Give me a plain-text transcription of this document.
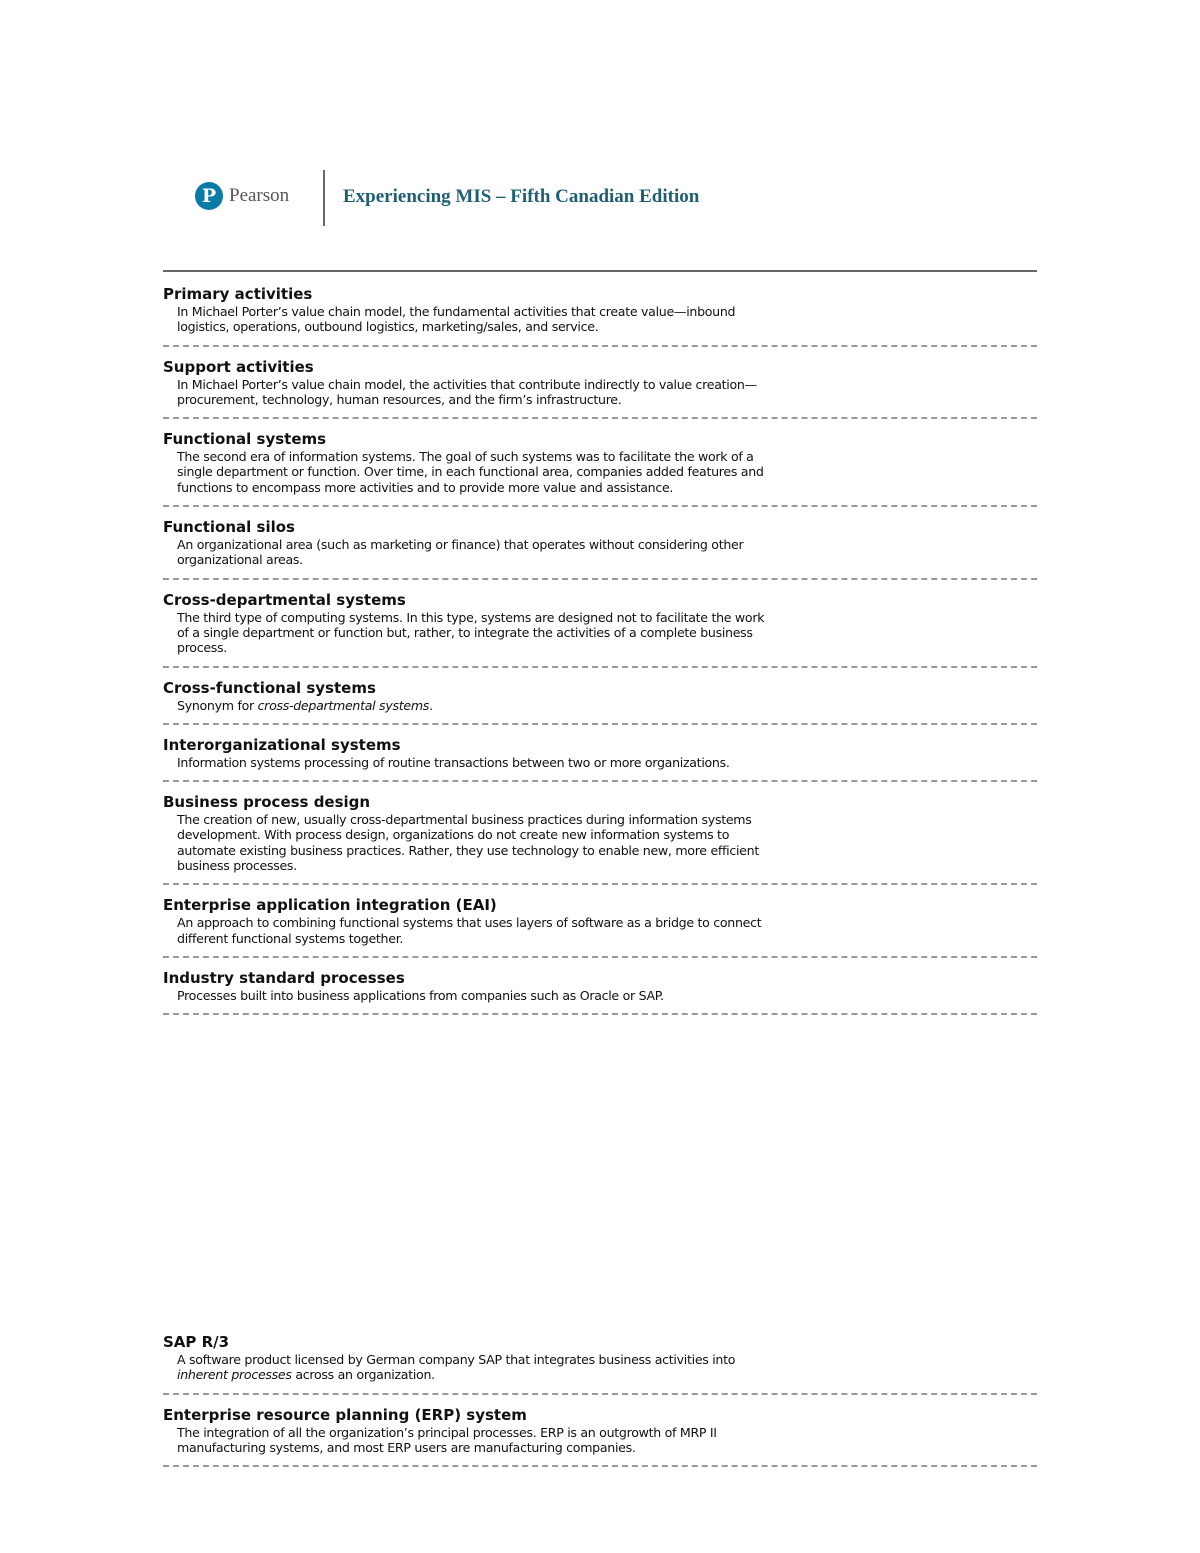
P Pearson	Experiencing MIS – Fifth Canadian Edition
Primary activities
In Michael Porter’s value chain model, the fundamental activities that create value—inbound logistics, operations, outbound logistics, marketing/sales, and service.
Support activities
In Michael Porter’s value chain model, the activities that contribute indirectly to value creation—procurement, technology, human resources, and the firm’s infrastructure.
Functional systems
The second era of information systems. The goal of such systems was to facilitate the work of a single department or function. Over time, in each functional area, companies added features and functions to encompass more activities and to provide more value and assistance.
Functional silos
An organizational area (such as marketing or finance) that operates without considering other organizational areas.
Cross-departmental systems
The third type of computing systems. In this type, systems are designed not to facilitate the work of a single department or function but, rather, to integrate the activities of a complete business process.
Cross-functional systems
Synonym for cross-departmental systems.
Interorganizational systems
Information systems processing of routine transactions between two or more organizations.
Business process design
The creation of new, usually cross-departmental business practices during information systems development. With process design, organizations do not create new information systems to automate existing business practices. Rather, they use technology to enable new, more efficient business processes.
Enterprise application integration (EAI)
An approach to combining functional systems that uses layers of software as a bridge to connect different functional systems together.
Industry standard processes
Processes built into business applications from companies such as Oracle or SAP.
SAP R/3
A software product licensed by German company SAP that integrates business activities into inherent processes across an organization.
Enterprise resource planning (ERP) system
The integration of all the organization’s principal processes. ERP is an outgrowth of MRP II manufacturing systems, and most ERP users are manufacturing companies.
